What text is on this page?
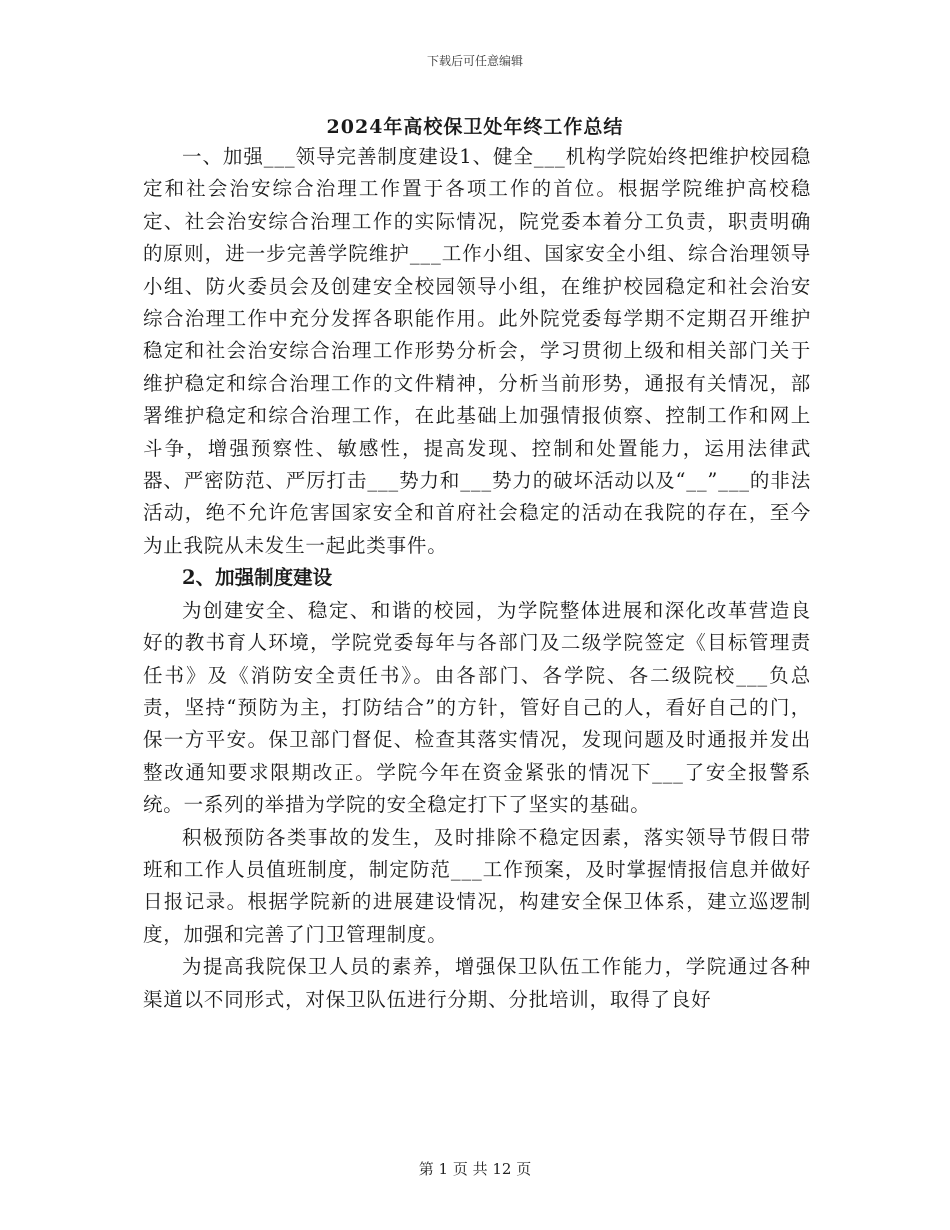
下载后可任意编辑
2024年高校保卫处年终工作总结

一、加强___领导完善制度建设1、健全___机构学院始终把维护校园稳定和社会治安综合治理工作置于各项工作的首位。根据学院维护高校稳定、社会治安综合治理工作的实际情况，院党委本着分工负责，职责明确的原则，进一步完善学院维护___工作小组、国家安全小组、综合治理领导小组、防火委员会及创建安全校园领导小组，在维护校园稳定和社会治安综合治理工作中充分发挥各职能作用。此外院党委每学期不定期召开维护稳定和社会治安综合治理工作形势分析会，学习贯彻上级和相关部门关于维护稳定和综合治理工作的文件精神，分析当前形势，通报有关情况，部署维护稳定和综合治理工作，在此基础上加强情报侦察、控制工作和网上斗争，增强预察性、敏感性，提高发现、控制和处置能力，运用法律武器、严密防范、严厉打击___势力和___势力的破坏活动以及“__”___的非法活动，绝不允许危害国家安全和首府社会稳定的活动在我院的存在，至今为止我院从未发生一起此类事件。

2、加强制度建设

为创建安全、稳定、和谐的校园，为学院整体进展和深化改革营造良好的教书育人环境，学院党委每年与各部门及二级学院签定《目标管理责任书》及《消防安全责任书》。由各部门、各学院、各二级院校___负总责，坚持“预防为主，打防结合”的方针，管好自己的人，看好自己的门，保一方平安。保卫部门督促、检查其落实情况，发现问题及时通报并发出整改通知要求限期改正。学院今年在资金紧张的情况下___了安全报警系统。一系列的举措为学院的安全稳定打下了坚实的基础。

积极预防各类事故的发生，及时排除不稳定因素，落实领导节假日带班和工作人员值班制度，制定防范___工作预案，及时掌握情报信息并做好日报记录。根据学院新的进展建设情况，构建安全保卫体系，建立巡逻制度，加强和完善了门卫管理制度。

为提高我院保卫人员的素养，增强保卫队伍工作能力，学院通过各种渠道以不同形式，对保卫队伍进行分期、分批培训，取得了良好

第 1 页 共 12 页
